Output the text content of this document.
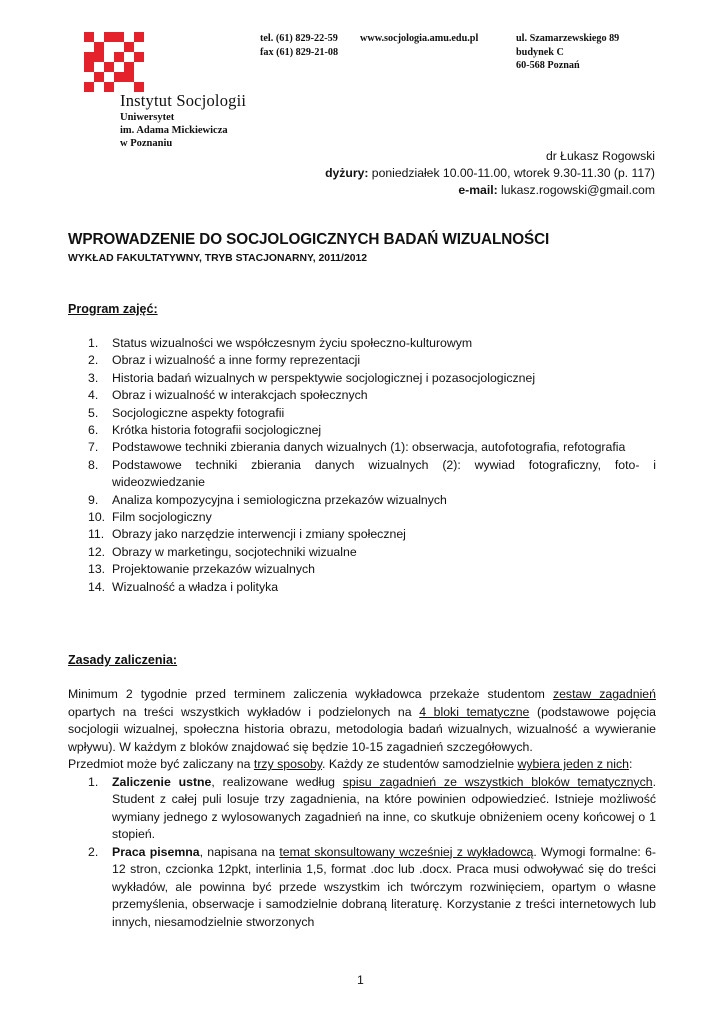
Instytut Socjologii
Uniwersytet
im. Adama Mickiewicza
w Poznaniu
tel. (61) 829-22-59
fax (61) 829-21-08
www.socjologia.amu.edu.pl	ul. Szamarzewskiego 89
budynek C
60-568 Poznań
dr Łukasz Rogowski
dyżury: poniedziałek 10.00-11.00, wtorek 9.30-11.30 (p. 117)
e-mail: lukasz.rogowski@gmail.com
WPROWADZENIE DO SOCJOLOGICZNYCH BADAŃ WIZUALNOŚCI
WYKŁAD FAKULTATYWNY, TRYB STACJONARNY, 2011/2012
Program zajęć:
1. Status wizualności we współczesnym życiu społeczno-kulturowym
2. Obraz i wizualność a inne formy reprezentacji
3. Historia badań wizualnych w perspektywie socjologicznej i pozasocjologicznej
4. Obraz i wizualność w interakcjach społecznych
5. Socjologiczne aspekty fotografii
6. Krótka historia fotografii socjologicznej
7. Podstawowe techniki zbierania danych wizualnych (1): obserwacja, autofotografia, refotografia
8. Podstawowe techniki zbierania danych wizualnych (2): wywiad fotograficzny, foto- i wideozwiedzanie
9. Analiza kompozycyjna i semiologiczna przekazów wizualnych
10. Film socjologiczny
11. Obrazy jako narzędzie interwencji i zmiany społecznej
12. Obrazy w marketingu, socjotechniki wizualne
13. Projektowanie przekazów wizualnych
14. Wizualność a władza i polityka
Zasady zaliczenia:

Minimum 2 tygodnie przed terminem zaliczenia wykładowca przekaże studentom zestaw zagadnień opartych na treści wszystkich wykładów i podzielonych na 4 bloki tematyczne (podstawowe pojęcia socjologii wizualnej, społeczna historia obrazu, metodologia badań wizualnych, wizualność a wywieranie wpływu). W każdym z bloków znajdować się będzie 10-15 zagadnień szczegółowych.

Przedmiot może być zaliczany na trzy sposoby. Każdy ze studentów samodzielnie wybiera jeden z nich:

1. Zaliczenie ustne, realizowane według spisu zagadnień ze wszystkich bloków tematycznych. Student z całej puli losuje trzy zagadnienia, na które powinien odpowiedzieć. Istnieje możliwość wymiany jednego z wylosowanych zagadnień na inne, co skutkuje obniżeniem oceny końcowej o 1 stopień.
2. Praca pisemna, napisana na temat skonsultowany wcześniej z wykładowcą. Wymogi formalne: 6-12 stron, czcionka 12pkt, interlinia 1,5, format .doc lub .docx. Praca musi odwoływać się do treści wykładów, ale powinna być przede wszystkim ich twórczym rozwinięciem, opartym o własne przemyślenia, obserwacje i samodzielnie dobraną literaturę. Korzystanie z treści internetowych lub innych, niesamodzielnie stworzonych
1
